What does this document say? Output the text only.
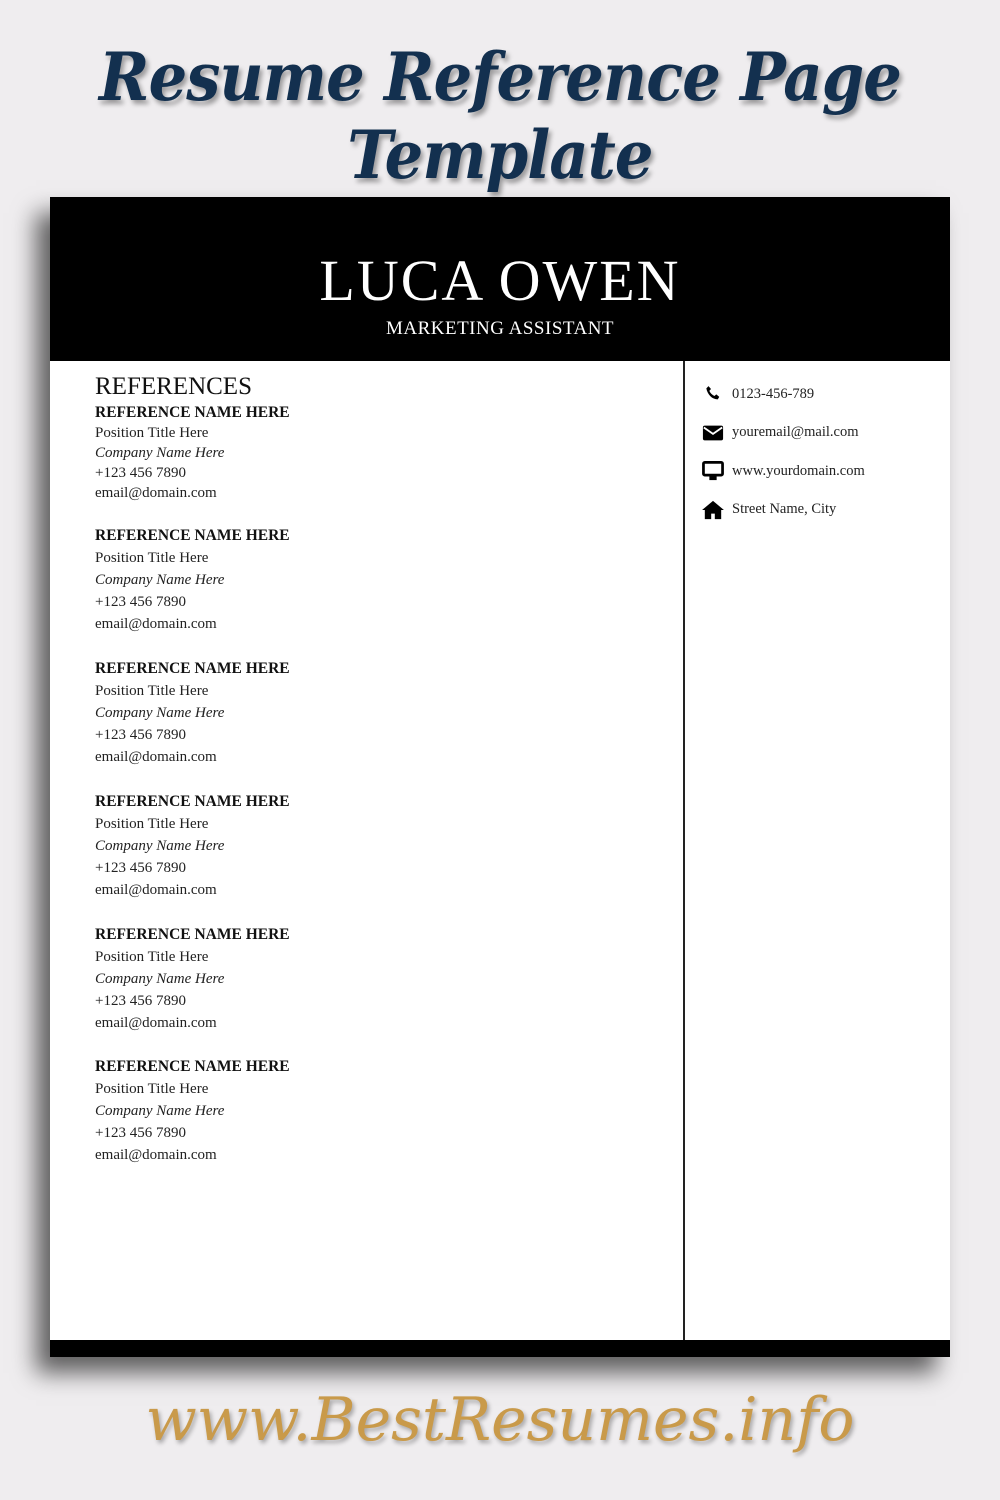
Resume Reference Page Template
LUCA OWEN
MARKETING ASSISTANT
REFERENCES
REFERENCE NAME HERE
Position Title Here
Company Name Here
+123 456 7890
email@domain.com
REFERENCE NAME HERE
Position Title Here
Company Name Here
+123 456 7890
email@domain.com
REFERENCE NAME HERE
Position Title Here
Company Name Here
+123 456 7890
email@domain.com
REFERENCE NAME HERE
Position Title Here
Company Name Here
+123 456 7890
email@domain.com
REFERENCE NAME HERE
Position Title Here
Company Name Here
+123 456 7890
email@domain.com
REFERENCE NAME HERE
Position Title Here
Company Name Here
+123 456 7890
email@domain.com
0123-456-789
youremail@mail.com
www.yourdomain.com
Street Name, City
www.BestResumes.info
